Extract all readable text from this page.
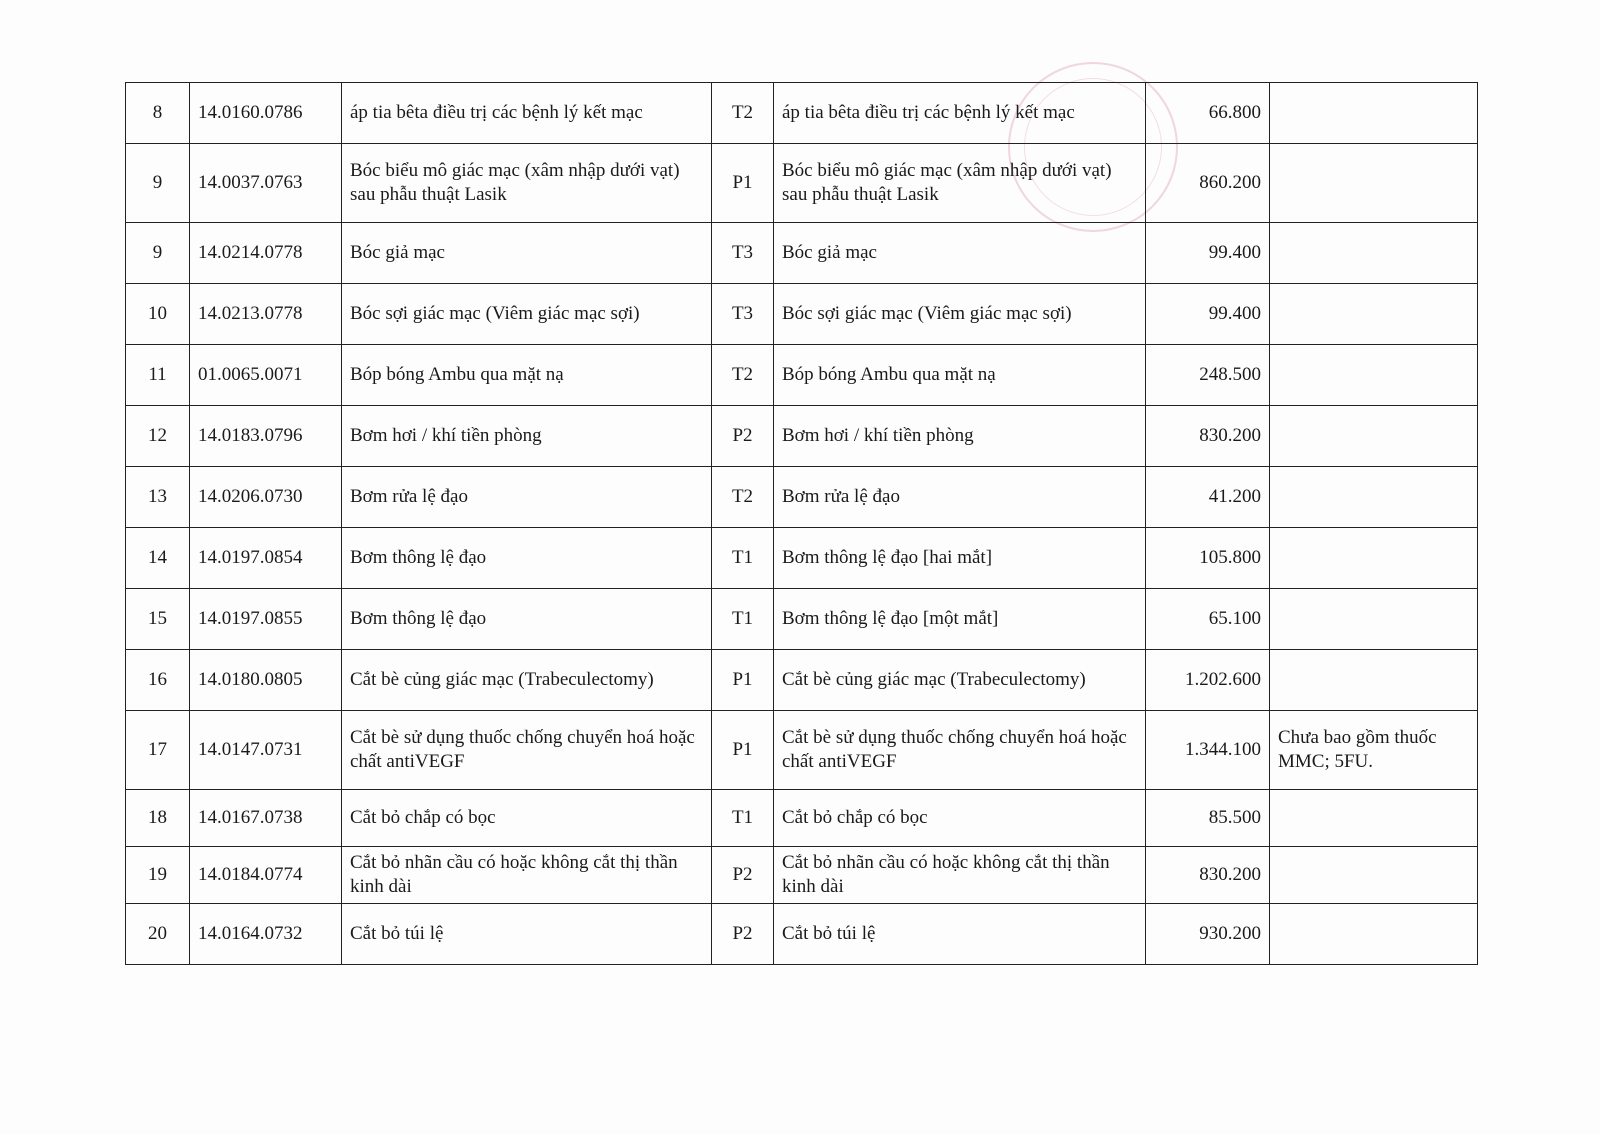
8	14.0160.0786	áp tia bêta điều trị các bệnh lý kết mạc	T2	áp tia bêta điều trị các bệnh lý kết mạc	66.800	
9	14.0037.0763	Bóc biểu mô giác mạc (xâm nhập dưới vạt) sau phẫu thuật Lasik	P1	Bóc biểu mô giác mạc (xâm nhập dưới vạt) sau phẫu thuật Lasik	860.200	
9	14.0214.0778	Bóc giả mạc	T3	Bóc giả mạc	99.400	
10	14.0213.0778	Bóc sợi giác mạc (Viêm giác mạc sợi)	T3	Bóc sợi giác mạc (Viêm giác mạc sợi)	99.400	
11	01.0065.0071	Bóp bóng Ambu qua mặt nạ	T2	Bóp bóng Ambu qua mặt nạ	248.500	
12	14.0183.0796	Bơm hơi / khí tiền phòng	P2	Bơm hơi / khí tiền phòng	830.200	
13	14.0206.0730	Bơm rửa lệ đạo	T2	Bơm rửa lệ đạo	41.200	
14	14.0197.0854	Bơm thông lệ đạo	T1	Bơm thông lệ đạo [hai mắt]	105.800	
15	14.0197.0855	Bơm thông lệ đạo	T1	Bơm thông lệ đạo [một mắt]	65.100	
16	14.0180.0805	Cắt bè củng giác mạc (Trabeculectomy)	P1	Cắt bè củng giác mạc (Trabeculectomy)	1.202.600	
17	14.0147.0731	Cắt bè sử dụng thuốc chống chuyển hoá hoặc chất antiVEGF	P1	Cắt bè sử dụng thuốc chống chuyển hoá hoặc chất antiVEGF	1.344.100	Chưa bao gồm thuốc MMC; 5FU.
18	14.0167.0738	Cắt bỏ chắp có bọc	T1	Cắt bỏ chắp có bọc	85.500	
19	14.0184.0774	Cắt bỏ nhãn cầu có hoặc không cắt thị thần kinh dài	P2	Cắt bỏ nhãn cầu có hoặc không cắt thị thần kinh dài	830.200	
20	14.0164.0732	Cắt bỏ túi lệ	P2	Cắt bỏ túi lệ	930.200	
